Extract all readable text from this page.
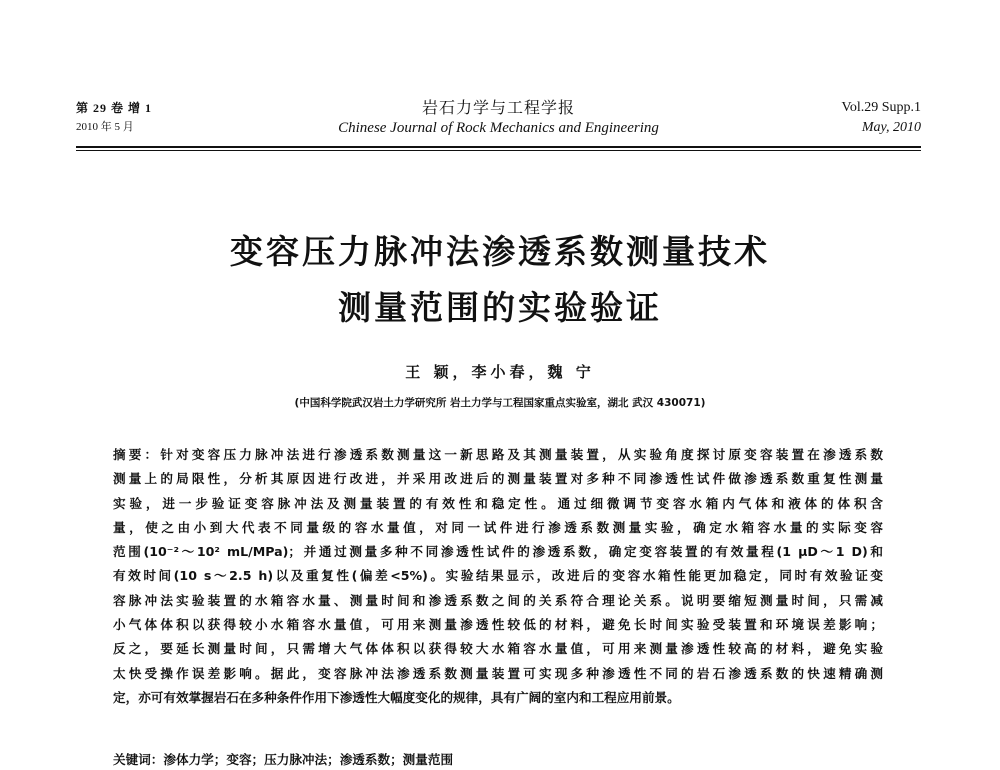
第 29 卷 增 1
2010 年 5 月
岩石力学与工程学报
Chinese Journal of Rock Mechanics and Engineering
Vol.29 Supp.1
May, 2010
变容压力脉冲法渗透系数测量技术
测量范围的实验验证
王 颖，李小春，魏 宁
(中国科学院武汉岩土力学研究所 岩土力学与工程国家重点实验室，湖北 武汉 430071)
摘要：针对变容压力脉冲法进行渗透系数测量这一新思路及其测量装置，从实验角度探讨原变容装置在渗透系数
测量上的局限性，分析其原因进行改进，并采用改进后的测量装置对多种不同渗透性试件做渗透系数重复性测量
实验，进一步验证变容脉冲法及测量装置的有效性和稳定性。通过细微调节变容水箱内气体和液体的体积含
量，使之由小到大代表不同量级的容水量值，对同一试件进行渗透系数测量实验，确定水箱容水量的实际变容
范围(10⁻²～10² mL/MPa)；并通过测量多种不同渗透性试件的渗透系数，确定变容装置的有效量程(1 μD～1 D)和
有效时间(10 s～2.5 h)以及重复性(偏差<5%)。实验结果显示，改进后的变容水箱性能更加稳定，同时有效验证变
容脉冲法实验装置的水箱容水量、测量时间和渗透系数之间的关系符合理论关系。说明要缩短测量时间，只需减
小气体体积以获得较小水箱容水量值，可用来测量渗透性较低的材料，避免长时间实验受装置和环境误差影响；
反之，要延长测量时间，只需增大气体体积以获得较大水箱容水量值，可用来测量渗透性较高的材料，避免实验
太快受操作误差影响。据此，变容脉冲法渗透系数测量装置可实现多种渗透性不同的岩石渗透系数的快速精确测
定，亦可有效掌握岩石在多种条件作用下渗透性大幅度变化的规律，具有广阔的室内和工程应用前景。
关键词：渗体力学；变容；压力脉冲法；渗透系数；测量范围
